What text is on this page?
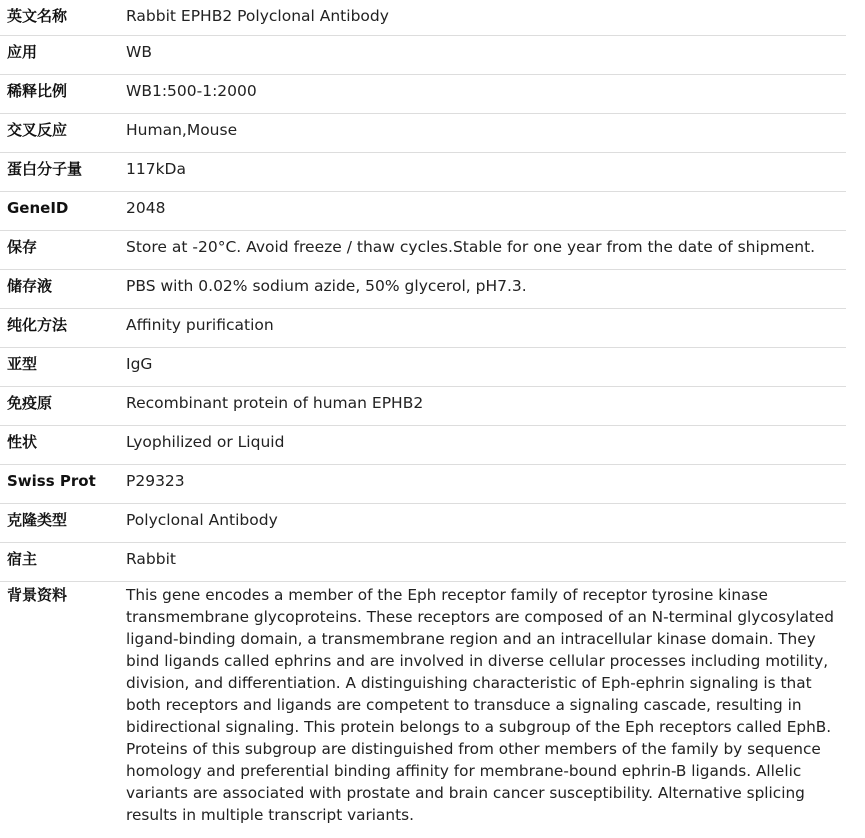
英文名称	Rabbit EPHB2 Polyclonal Antibody
应用	WB
稀释比例	WB1:500-1:2000
交叉反应	Human,Mouse
蛋白分子量	117kDa
GeneID	2048
保存	Store at -20°C. Avoid freeze / thaw cycles.Stable for one year from the date of shipment.
储存液	PBS with 0.02% sodium azide, 50% glycerol, pH7.3.
纯化方法	Affinity purification
亚型	IgG
免疫原	Recombinant protein of human EPHB2
性状	Lyophilized or Liquid
Swiss Prot	P29323
克隆类型	Polyclonal Antibody
宿主	Rabbit
背景资料	This gene encodes a member of the Eph receptor family of receptor tyrosine kinase transmembrane glycoproteins. These receptors are composed of an N-terminal glycosylated ligand-binding domain, a transmembrane region and an intracellular kinase domain. They bind ligands called ephrins and are involved in diverse cellular processes including motility, division, and differentiation. A distinguishing characteristic of Eph-ephrin signaling is that both receptors and ligands are competent to transduce a signaling cascade, resulting in bidirectional signaling. This protein belongs to a subgroup of the Eph receptors called EphB. Proteins of this subgroup are distinguished from other members of the family by sequence homology and preferential binding affinity for membrane-bound ephrin-B ligands. Allelic variants are associated with prostate and brain cancer susceptibility. Alternative splicing results in multiple transcript variants.
